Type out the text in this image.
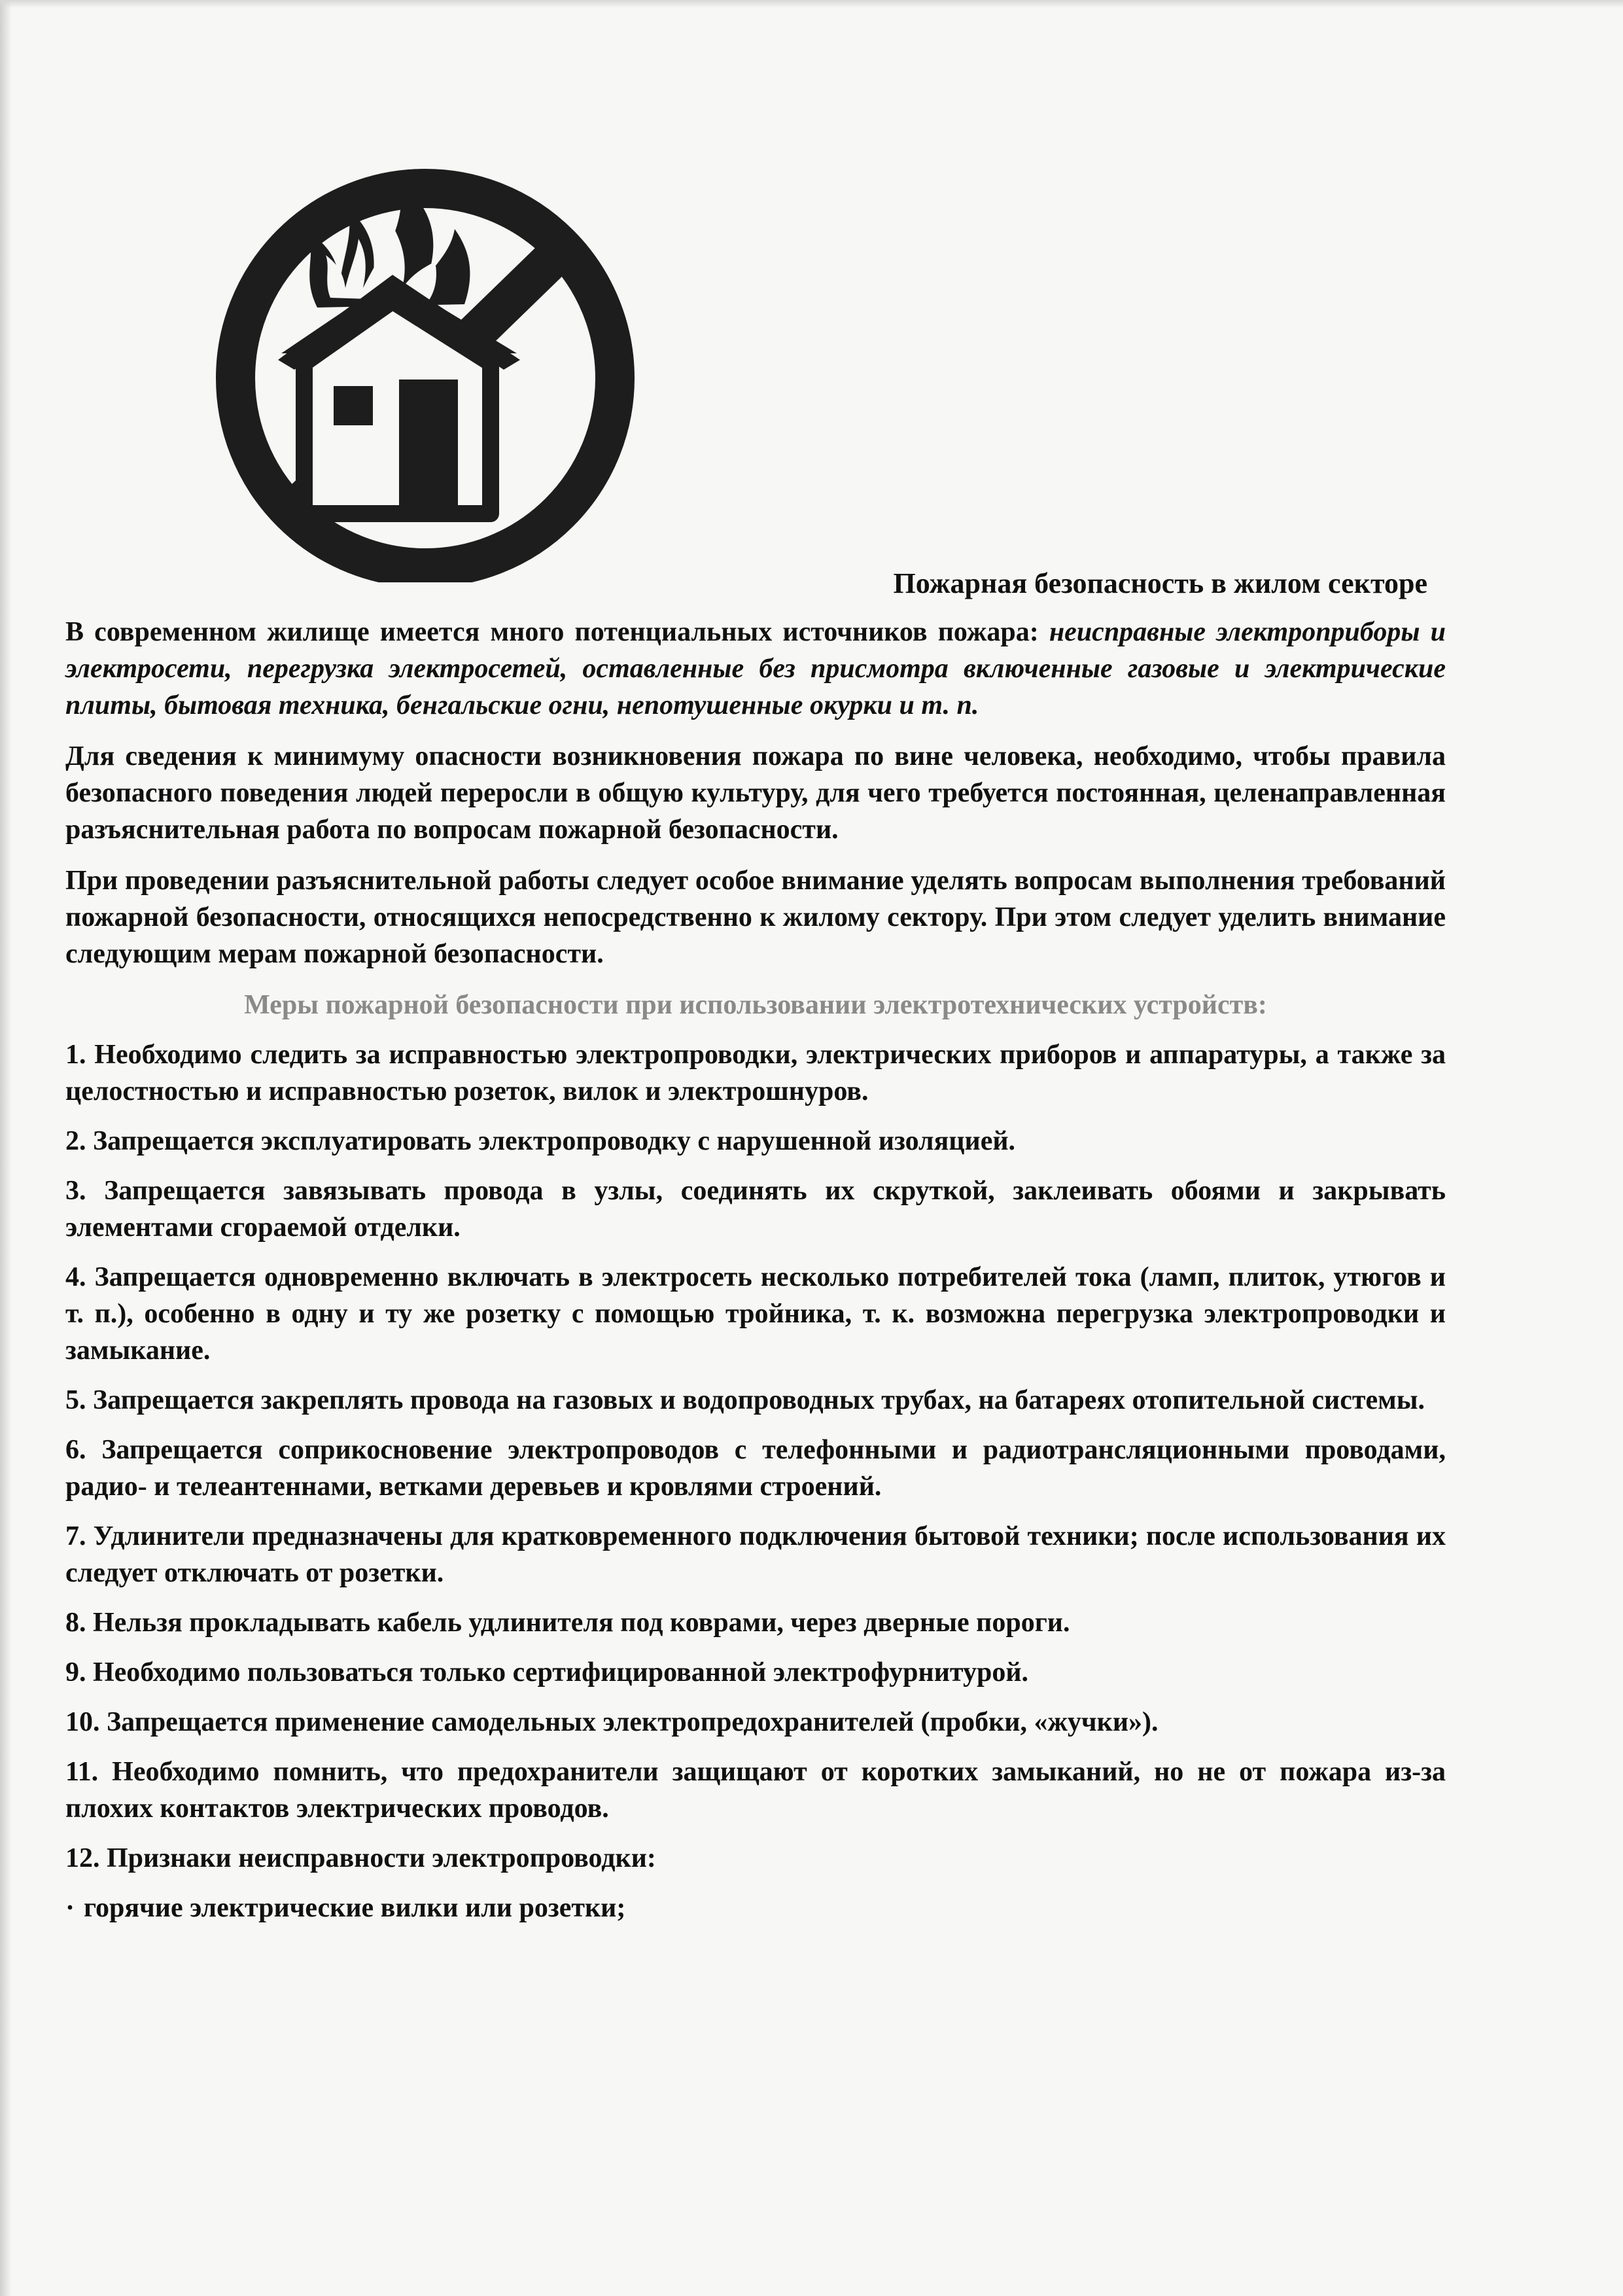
Пожарная безопасность в жилом секторе

В современном жилище имеется много потенциальных источников пожара: неисправные электроприборы и электросети, перегрузка электросетей, оставленные без присмотра включенные газовые и электрические плиты, бытовая техника, бенгальские огни, непотушенные окурки и т. п.

Для сведения к минимуму опасности возникновения пожара по вине человека, необходимо, чтобы правила безопасного поведения людей переросли в общую культуру, для чего требуется постоянная, целенаправленная разъяснительная работа по вопросам пожарной безопасности.

При проведении разъяснительной работы следует особое внимание уделять вопросам выполнения требований пожарной безопасности, относящихся непосредственно к жилому сектору. При этом следует уделить внимание следующим мерам пожарной безопасности.

Меры пожарной безопасности при использовании электротехнических устройств:

1. Необходимо следить за исправностью электропроводки, электрических приборов и аппаратуры, а также за целостностью и исправностью розеток, вилок и электрошнуров.

2. Запрещается эксплуатировать электропроводку с нарушенной изоляцией.

3. Запрещается завязывать провода в узлы, соединять их скруткой, заклеивать обоями и закрывать элементами сгораемой отделки.

4. Запрещается одновременно включать в электросеть несколько потребителей тока (ламп, плиток, утюгов и т. п.), особенно в одну и ту же розетку с помощью тройника, т. к. возможна перегрузка электропроводки и замыкание.

5. Запрещается закреплять провода на газовых и водопроводных трубах, на батареях отопительной системы.

6. Запрещается соприкосновение электропроводов с телефонными и радиотрансляционными проводами, радио- и телеантеннами, ветками деревьев и кровлями строений.

7. Удлинители предназначены для кратковременного подключения бытовой техники; после использования их следует отключать от розетки.

8. Нельзя прокладывать кабель удлинителя под коврами, через дверные пороги.

9. Необходимо пользоваться только сертифицированной электрофурнитурой.

10. Запрещается применение самодельных электропредохранителей (пробки, «жучки»).

11. Необходимо помнить, что предохранители защищают от коротких замыканий, но не от пожара из-за плохих контактов электрических проводов.

12. Признаки неисправности электропроводки:

· горячие электрические вилки или розетки;
